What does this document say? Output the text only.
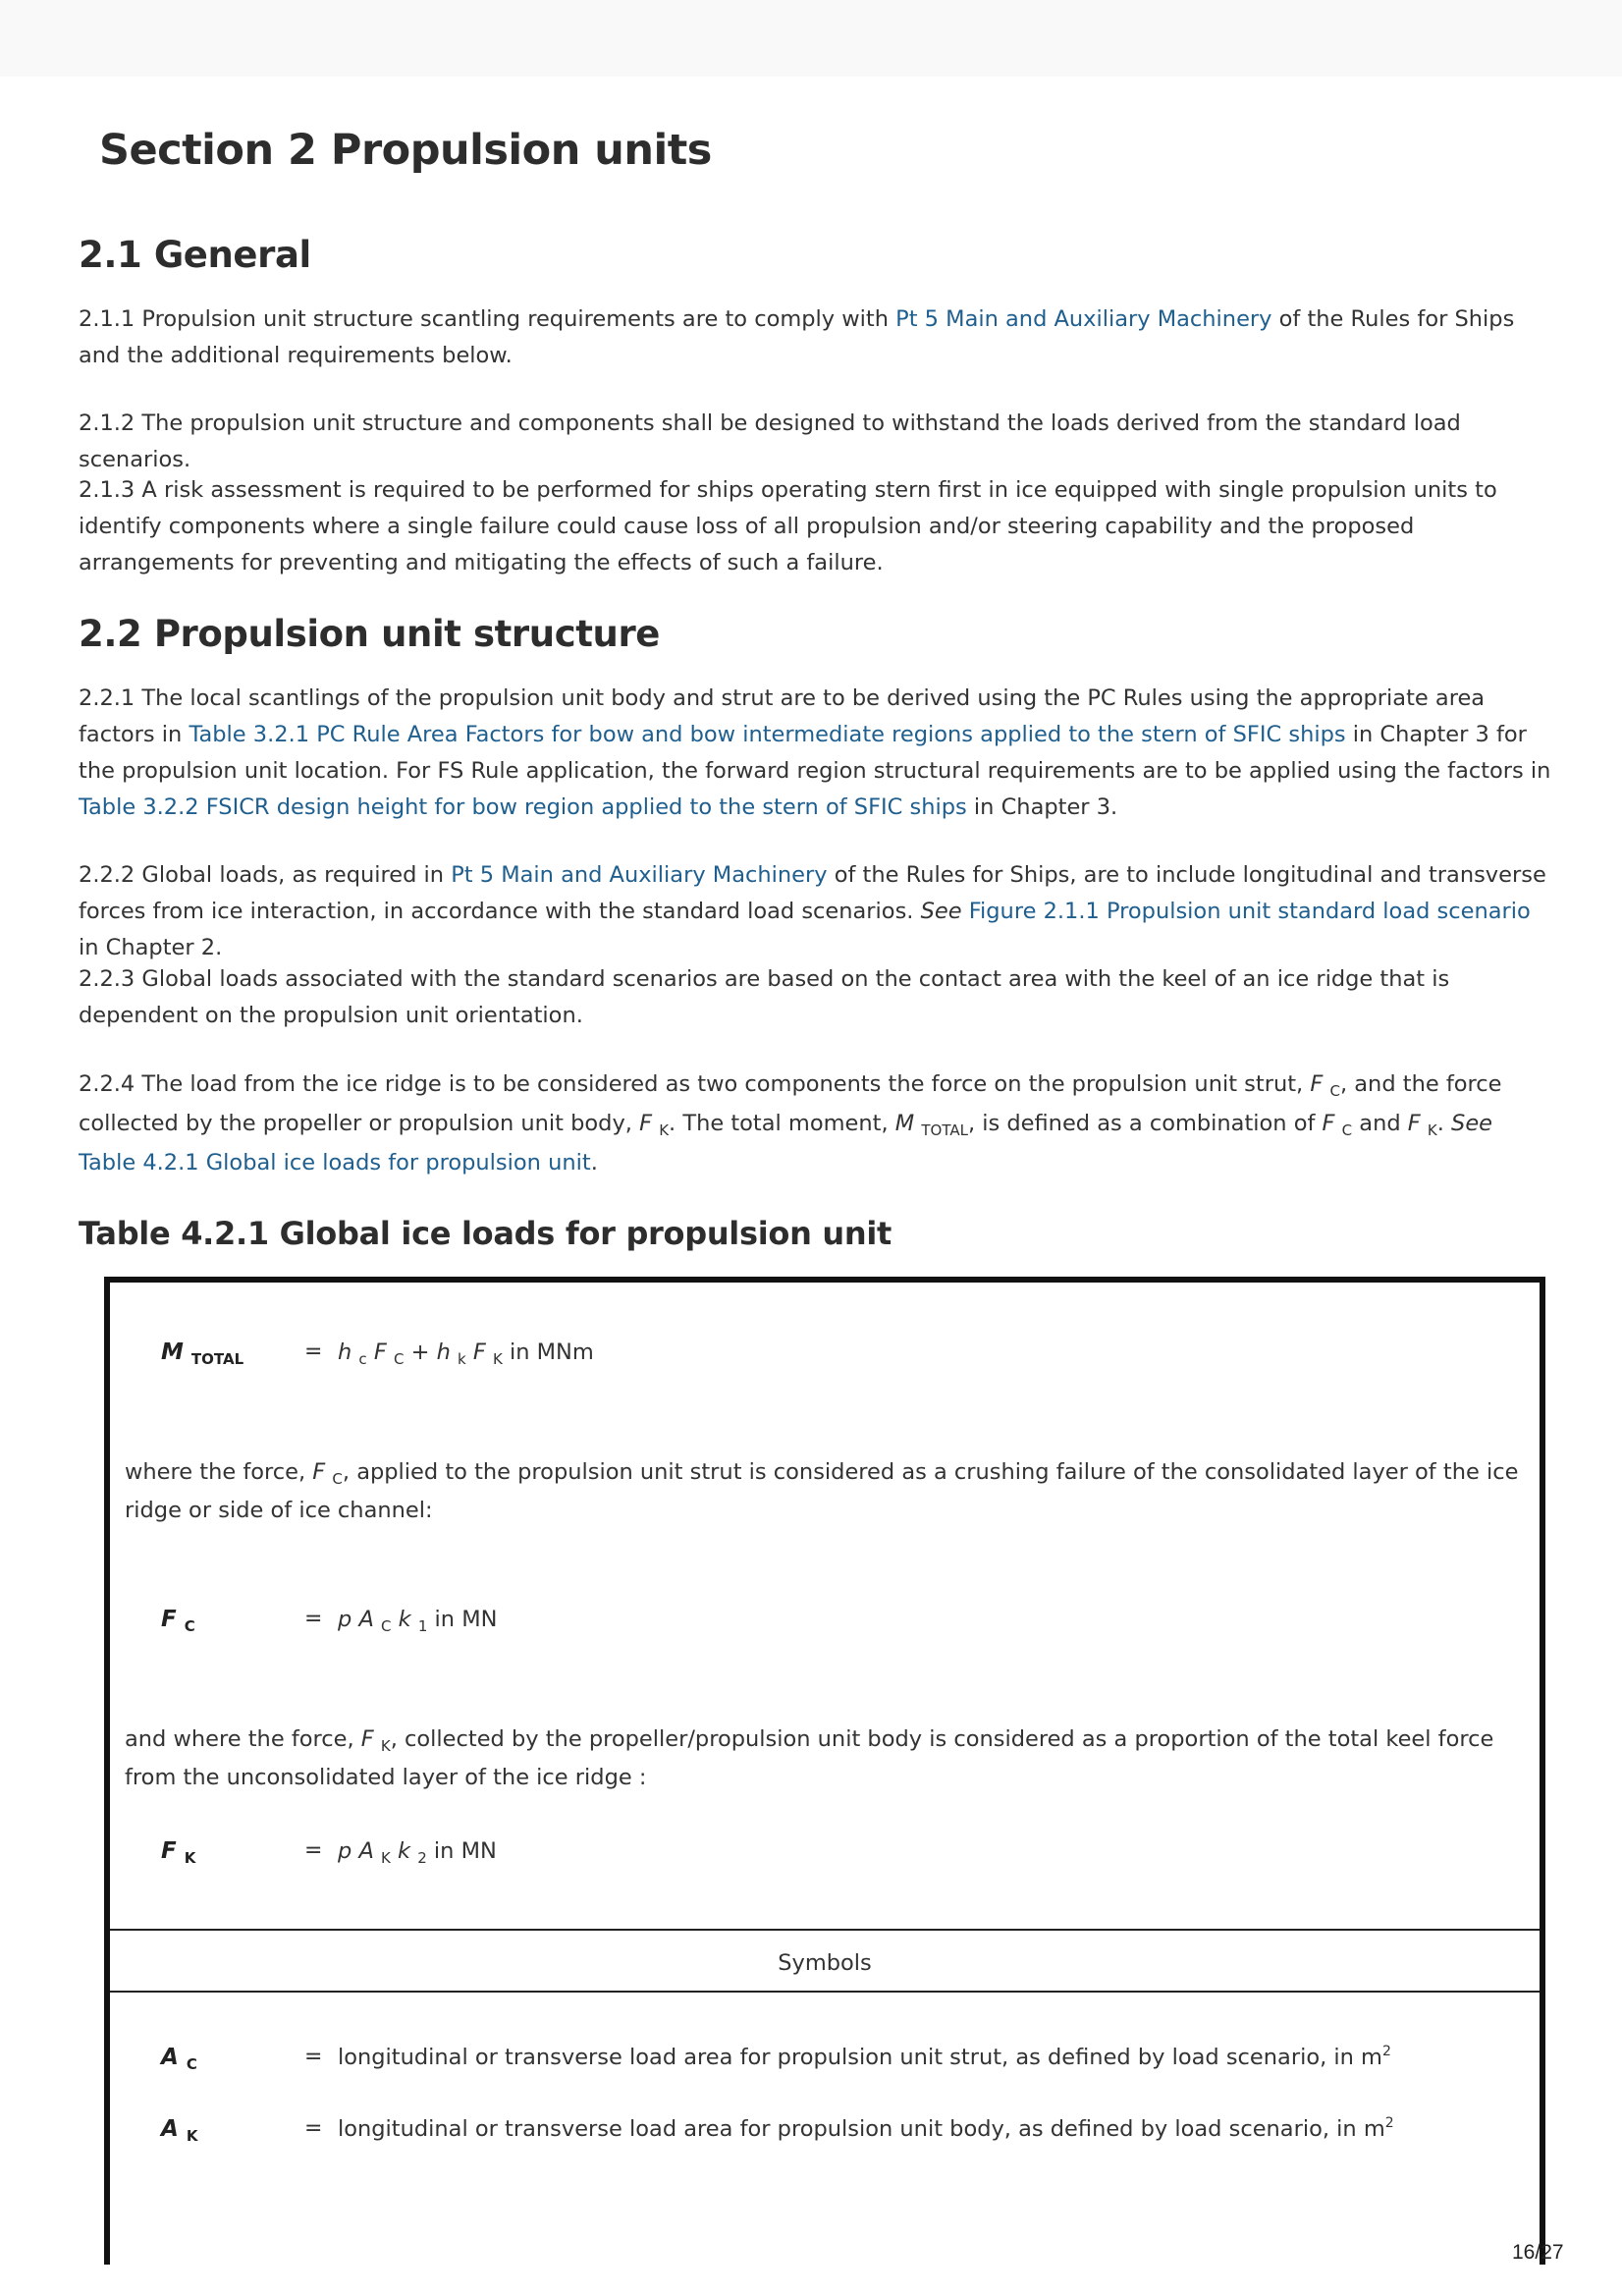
Section 2 Propulsion units
2.1 General

2.1.1 Propulsion unit structure scantling requirements are to comply with Pt 5 Main and Auxiliary Machinery of the Rules for Ships and the additional requirements below.

2.1.2 The propulsion unit structure and components shall be designed to withstand the loads derived from the standard load scenarios.

2.1.3 A risk assessment is required to be performed for ships operating stern first in ice equipped with single propulsion units to identify components where a single failure could cause loss of all propulsion and/or steering capability and the proposed arrangements for preventing and mitigating the effects of such a failure.

2.2 Propulsion unit structure

2.2.1 The local scantlings of the propulsion unit body and strut are to be derived using the PC Rules using the appropriate area factors in Table 3.2.1 PC Rule Area Factors for bow and bow intermediate regions applied to the stern of SFIC ships in Chapter 3 for the propulsion unit location. For FS Rule application, the forward region structural requirements are to be applied using the factors in Table 3.2.2 FSICR design height for bow region applied to the stern of SFIC ships in Chapter 3.

2.2.2 Global loads, as required in Pt 5 Main and Auxiliary Machinery of the Rules for Ships, are to include longitudinal and transverse forces from ice interaction, in accordance with the standard load scenarios. See Figure 2.1.1 Propulsion unit standard load scenario in Chapter 2.

2.2.3 Global loads associated with the standard scenarios are based on the contact area with the keel of an ice ridge that is dependent on the propulsion unit orientation.

2.2.4 The load from the ice ridge is to be considered as two components the force on the propulsion unit strut, F $_C$, and the force collected by the propeller or propulsion unit body, F $_K$. The total moment, M $_{TOTAL}$, is defined as a combination of F $_C$ and F $_K$. See Table 4.2.1 Global ice loads for propulsion unit.

Table 4.2.1 Global ice loads for propulsion unit
M $_{TOTAL}$	= h $_c$ F $_C$ + h $_k$ F $_K$ in MNm

where the force, F $_C$, applied to the propulsion unit strut is considered as a crushing failure of the consolidated layer of the ice ridge or side of ice channel:

F $_C$	= p A $_C$ k $_1$ in MN

and where the force, F $_K$, collected by the propeller/propulsion unit body is considered as a proportion of the total keel force from the unconsolidated layer of the ice ridge :

F $_K$	= p A $_K$ k $_2$ in MN
Symbols
A $_C$	= longitudinal or transverse load area for propulsion unit strut, as defined by load scenario, in $m^2$
A $_K$	= longitudinal or transverse load area for propulsion unit body, as defined by load scenario, in $m^2$
16/27
